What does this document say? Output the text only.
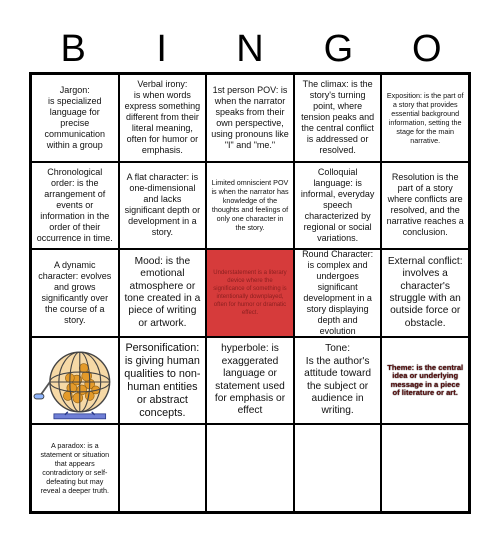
B	I	N	G	O
Jargon:
is specialized language for precise communication within a group
Verbal irony:
is when words express something different from their literal meaning, often for humor or emphasis.
1st person POV: is when the narrator speaks from their own perspective, using pronouns like "I" and "me."
The climax: is the story's turning point, where tension peaks and the central conflict is addressed or resolved.
Exposition: is the part of a story that provides essential background information, setting the stage for the main narrative.
Chronological order: is the arrangement of events or information in the order of their occurrence in time.
A flat character: is one-dimensional and lacks significant depth or development in a story.
Limited omniscient POV is when the narrator has knowledge of the thoughts and feelings of only one character in the story.
Colloquial language: is informal, everyday speech characterized by regional or social variations.
Resolution is the part of a story where conflicts are resolved, and the narrative reaches a conclusion.
A dynamic character: evolves and grows significantly over the course of a story.
Mood: is the emotional atmosphere or tone created in a piece of writing or artwork.
Understatement is a literary device where the significance of something is intentionally downplayed, often for humor or dramatic effect.
Round Character: is complex and undergoes significant development in a story displaying depth and evolution
External conflict: involves a character's struggle with an outside force or obstacle.
Personification: is giving human qualities to non-human entities or abstract concepts.
hyperbole: is exaggerated language or statement used for emphasis or effect
Tone:
Is the author's attitude toward the subject or audience in writing.
Theme: is the central idea or underlying message in a piece of literature or art.
A paradox: is a statement or situation that appears contradictory or self-defeating but may reveal a deeper truth.
